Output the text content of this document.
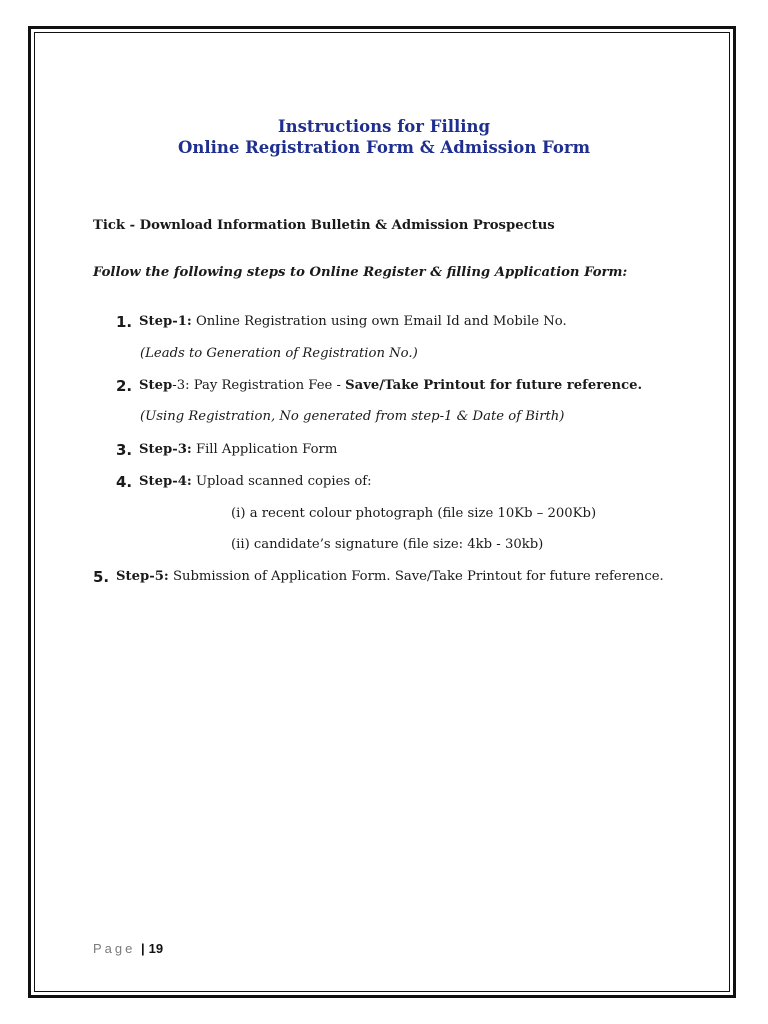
Instructions for Filling
Online Registration Form & Admission Form
Tick - Download Information Bulletin & Admission Prospectus
Follow the following steps to Online Register & filling Application Form:
1. Step-1: Online Registration using own Email Id and Mobile No.
(Leads to Generation of Registration No.)
2. Step-3: Pay Registration Fee - Save/Take Printout for future reference.
(Using Registration, No generated from step-1 & Date of Birth)
3. Step-3: Fill Application Form
4. Step-4: Upload scanned copies of:
(i) a recent colour photograph (file size 10Kb – 200Kb)
(ii) candidate’s signature (file size: 4kb - 30kb)
5. Step-5: Submission of Application Form. Save/Take Printout for future reference.
Page | 19
